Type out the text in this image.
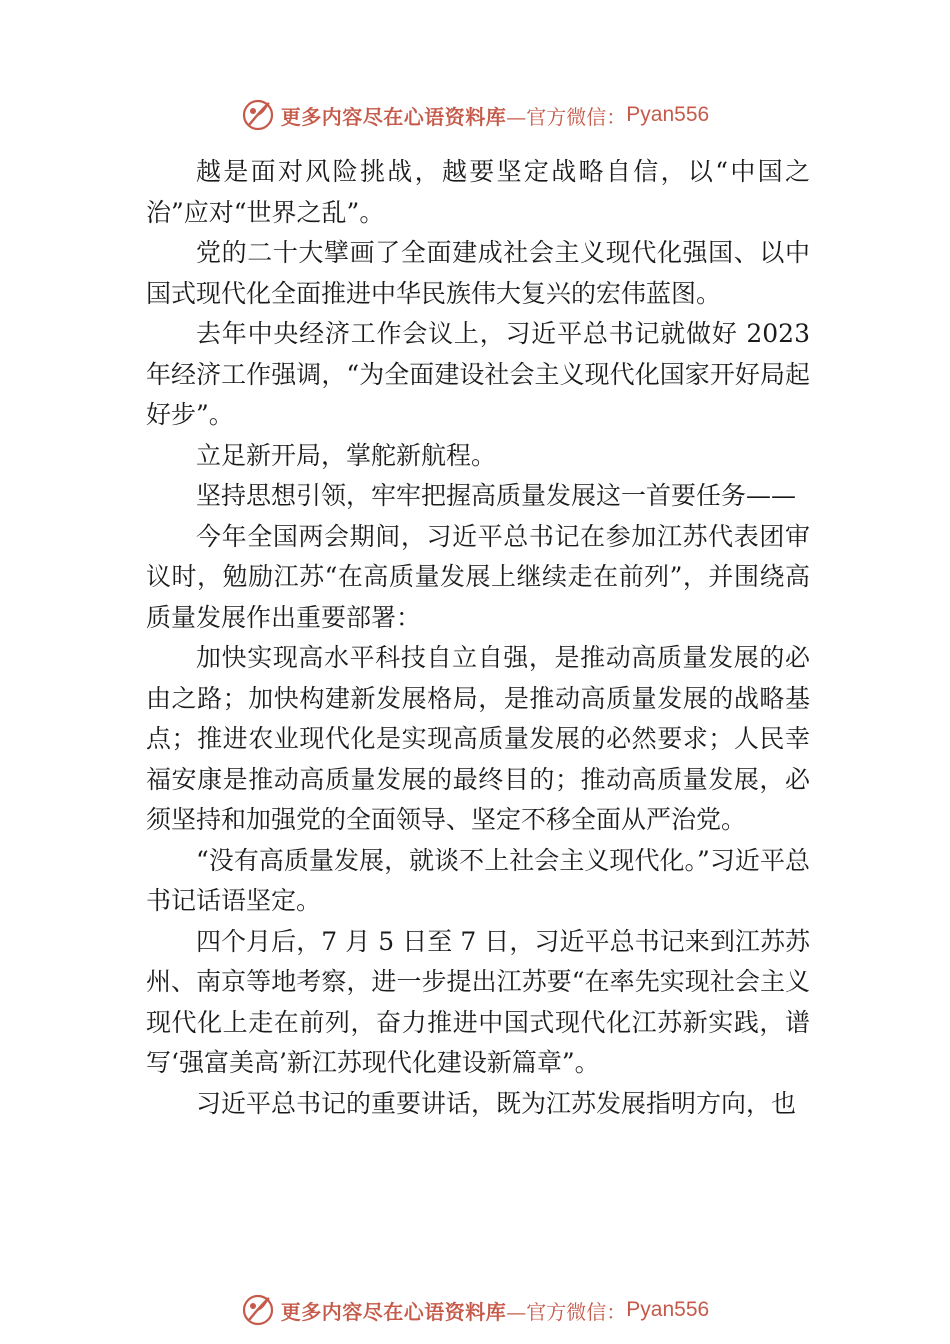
更多内容尽在心语资料库 —官方微信： Pyan556

越是面对风险挑战，越要坚定战略自信，以“中国之治”应对“世界之乱”。

党的二十大擘画了全面建成社会主义现代化强国、以中国式现代化全面推进中华民族伟大复兴的宏伟蓝图。

去年中央经济工作会议上，习近平总书记就做好 2023 年经济工作强调，“为全面建设社会主义现代化国家开好局起好步”。

立足新开局，掌舵新航程。

坚持思想引领，牢牢把握高质量发展这一首要任务——

今年全国两会期间，习近平总书记在参加江苏代表团审议时，勉励江苏“在高质量发展上继续走在前列”，并围绕高质量发展作出重要部署：

加快实现高水平科技自立自强，是推动高质量发展的必由之路；加快构建新发展格局，是推动高质量发展的战略基点；推进农业现代化是实现高质量发展的必然要求；人民幸福安康是推动高质量发展的最终目的；推动高质量发展，必须坚持和加强党的全面领导、坚定不移全面从严治党。

“没有高质量发展，就谈不上社会主义现代化。”习近平总书记话语坚定。

四个月后，7 月 5 日至 7 日，习近平总书记来到江苏苏州、南京等地考察，进一步提出江苏要“在率先实现社会主义现代化上走在前列，奋力推进中国式现代化江苏新实践，谱写‘强富美高’新江苏现代化建设新篇章”。

习近平总书记的重要讲话，既为江苏发展指明方向，也

更多内容尽在心语资料库 —官方微信： Pyan556
